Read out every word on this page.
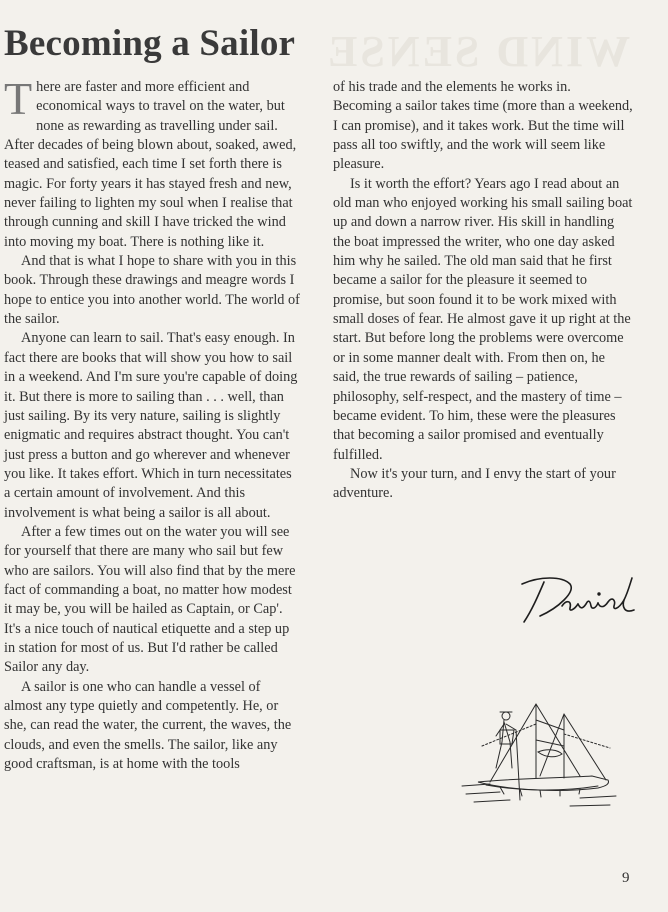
WIND SENSE
Becoming a Sailor

There are faster and more efficient and economical ways to travel on the water, but none as rewarding as travelling under sail. After decades of being blown about, soaked, awed, teased and satisfied, each time I set forth there is magic. For forty years it has stayed fresh and new, never failing to lighten my soul when I realise that through cunning and skill I have tricked the wind into moving my boat. There is nothing like it.

And that is what I hope to share with you in this book. Through these drawings and meagre words I hope to entice you into another world. The world of the sailor.

Anyone can learn to sail. That's easy enough. In fact there are books that will show you how to sail in a weekend. And I'm sure you're capable of doing it. But there is more to sailing than . . . well, than just sailing. By its very nature, sailing is slightly enigmatic and requires abstract thought. You can't just press a button and go wherever and whenever you like. It takes effort. Which in turn necessitates a certain amount of involvement. And this involvement is what being a sailor is all about.

After a few times out on the water you will see for yourself that there are many who sail but few who are sailors. You will also find that by the mere fact of commanding a boat, no matter how modest it may be, you will be hailed as Captain, or Cap'. It's a nice touch of nautical etiquette and a step up in station for most of us. But I'd rather be called Sailor any day.

A sailor is one who can handle a vessel of almost any type quietly and competently. He, or she, can read the water, the current, the waves, the clouds, and even the smells. The sailor, like any good craftsman, is at home with the tools

of his trade and the elements he works in. Becoming a sailor takes time (more than a weekend, I can promise), and it takes work. But the time will pass all too swiftly, and the work will seem like pleasure.

Is it worth the effort? Years ago I read about an old man who enjoyed working his small sailing boat up and down a narrow river. His skill in handling the boat impressed the writer, who one day asked him why he sailed. The old man said that he first became a sailor for the pleasure it seemed to promise, but soon found it to be work mixed with small doses of fear. He almost gave it up right at the start. But before long the problems were overcome or in some manner dealt with. From then on, he said, the true rewards of sailing – patience, philosophy, self-respect, and the mastery of time – became evident. To him, these were the pleasures that becoming a sailor promised and eventually fulfilled.

Now it's your turn, and I envy the start of your adventure.

9
